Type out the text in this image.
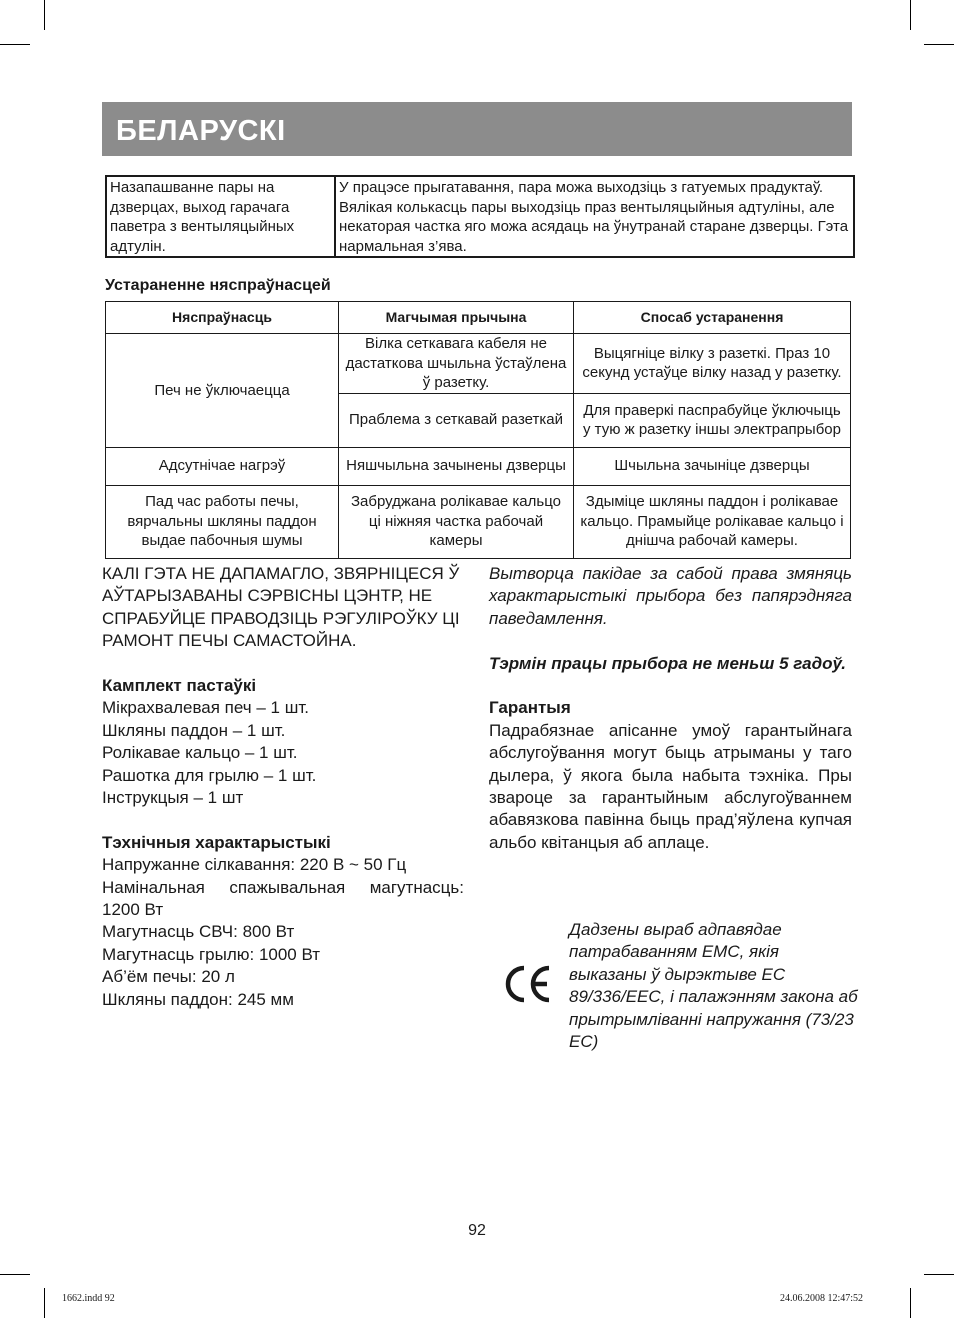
БЕЛАРУСКІ
Назапашванне пары на дзверцах, выход гарачага паветра з вентыляцыйных адтулін.	У працэсе прыгатавання, пара можа выходзіць з гатуемых прадуктаў. Вялікая колькасць пары выходзіць праз вентыляцыйныя адтуліны, але некаторая частка яго можа асядаць на ўнутранай старане дзверцы. Гэта нармальная з’ява.
Устараненне няспраўнасцей
Няспраўнасць	Магчымая прычына	Спосаб устаранення
Печ не ўключаецца	Вілка сеткавага кабеля не дастаткова шчыльна ўстаўлена ў разетку.	Выцягніце вілку з разеткі. Праз 10 секунд устаўце вілку назад у разетку.
	Праблема з сеткавай разеткай	Для праверкі паспрабуйце ўключыць у тую ж разетку іншы электрапрыбор
Адсутнічае нагрэў	Няшчыльна зачынены дзверцы	Шчыльна зачыніце дзверцы
Пад час работы печы, вярчальны шкляны паддон выдае пабочныя шумы	Забруджана ролікавае кальцо ці ніжняя частка рабочай камеры	Здыміце шкляны паддон і ролікавае кальцо. Прамыйце ролікавае кальцо і днішча рабочай камеры.

КАЛІ ГЭТА НЕ ДАПАМАГЛО, ЗВЯРНІЦЕСЯ Ў АЎТАРЫЗАВАНЫ СЭРВІСНЫ ЦЭНТР, НЕ СПРАБУЙЦЕ ПРАВОДЗІЦЬ РЭГУЛІРОЎКУ ЦІ РАМОНТ ПЕЧЫ САМАСТОЙНА.

Камплект пастаўкі

Мікрахвалевая печ – 1 шт.

Шкляны паддон – 1 шт.

Ролікавае кальцо – 1 шт.

Рашотка для грылю – 1 шт.

Інструкцыя – 1 шт

Тэхнічныя характарыстыкі

Напружанне сілкавання: 220 В ~ 50 Гц

Намінальная спажывальная магутнасць: 1200 Вт

Магутнасць СВЧ: 800 Вт

Магутнасць грылю: 1000 Вт

Аб’ём печы: 20 л

Шкляны паддон: 245 мм

Вытворца пакідае за сабой права змяняць характарыстыкі прыбора без папярэдняга паведамлення.

Тэрмін працы прыбора не меньш 5 гадоў.

Гарантыя

Падрабязнае апісанне умоў гарантыйнага абслугоўвання могут быць атрыманы у таго дылера, ў якога была набыта тэхніка. Пры звароце за гарантыйным абслугоўваннем абавязкова павінна быць прад’яўлена купчая альбо квітанцыя аб аплаце.

Дадзены выраб адпавядае патрабаванням ЕМС, якія выказаны ў дырэктыве ЕС 89/336/EEC, і палажэнням закона аб прытрымліванні напружання (73/23 ЕС)
92
1662.indd 92	24.06.2008 12:47:52
